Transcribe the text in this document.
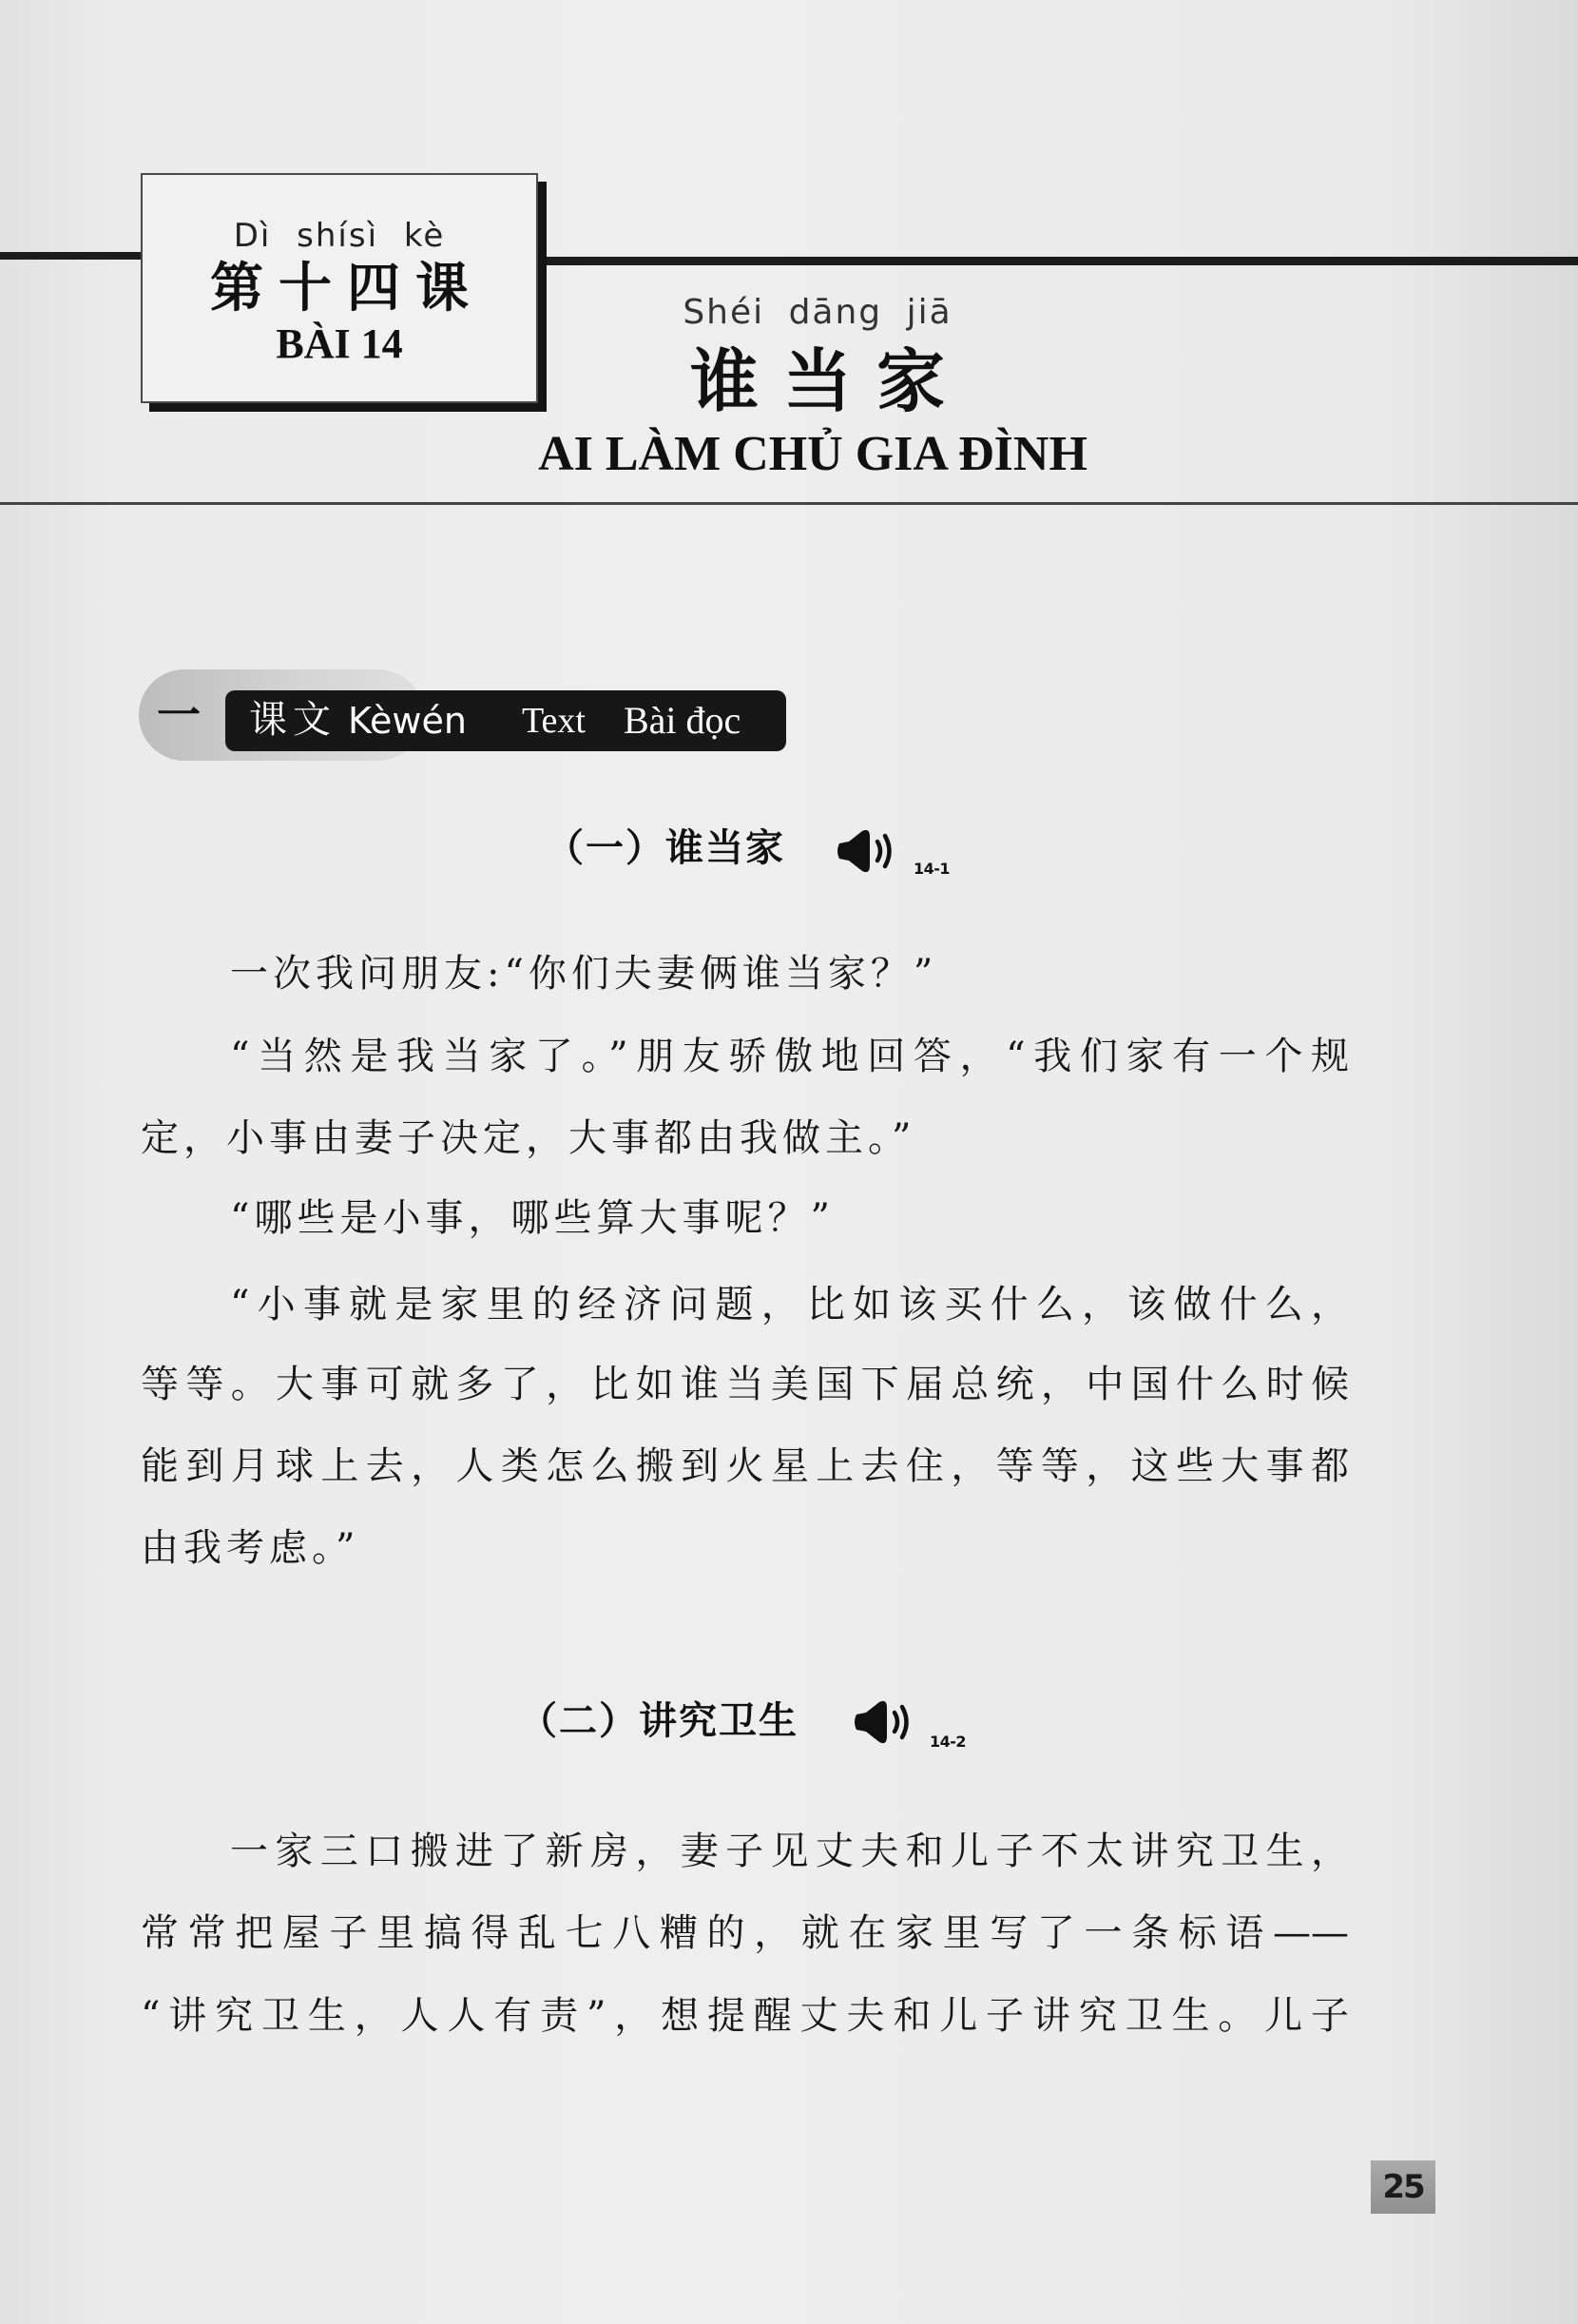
Dì shísì kè
第十四课
BÀI 14
Shéi dāng jiā
谁当家
AI LÀM CHỦ GIA ĐÌNH
一 课文 Kèwén Text Bài đọc
（一）谁当家	14-1
一次我问朋友:“你们夫妻俩谁当家？”
“当然是我当家了。”朋友骄傲地回答，“我们家有一个规
定，小事由妻子决定，大事都由我做主。”
“哪些是小事，哪些算大事呢？”
“小事就是家里的经济问题，比如该买什么，该做什么，
等等。大事可就多了，比如谁当美国下届总统，中国什么时候
能到月球上去，人类怎么搬到火星上去住，等等，这些大事都
由我考虑。”
（二）讲究卫生	14-2
一家三口搬进了新房，妻子见丈夫和儿子不太讲究卫生，
常常把屋子里搞得乱七八糟的，就在家里写了一条标语——
“讲究卫生，人人有责”，想提醒丈夫和儿子讲究卫生。儿子
25
